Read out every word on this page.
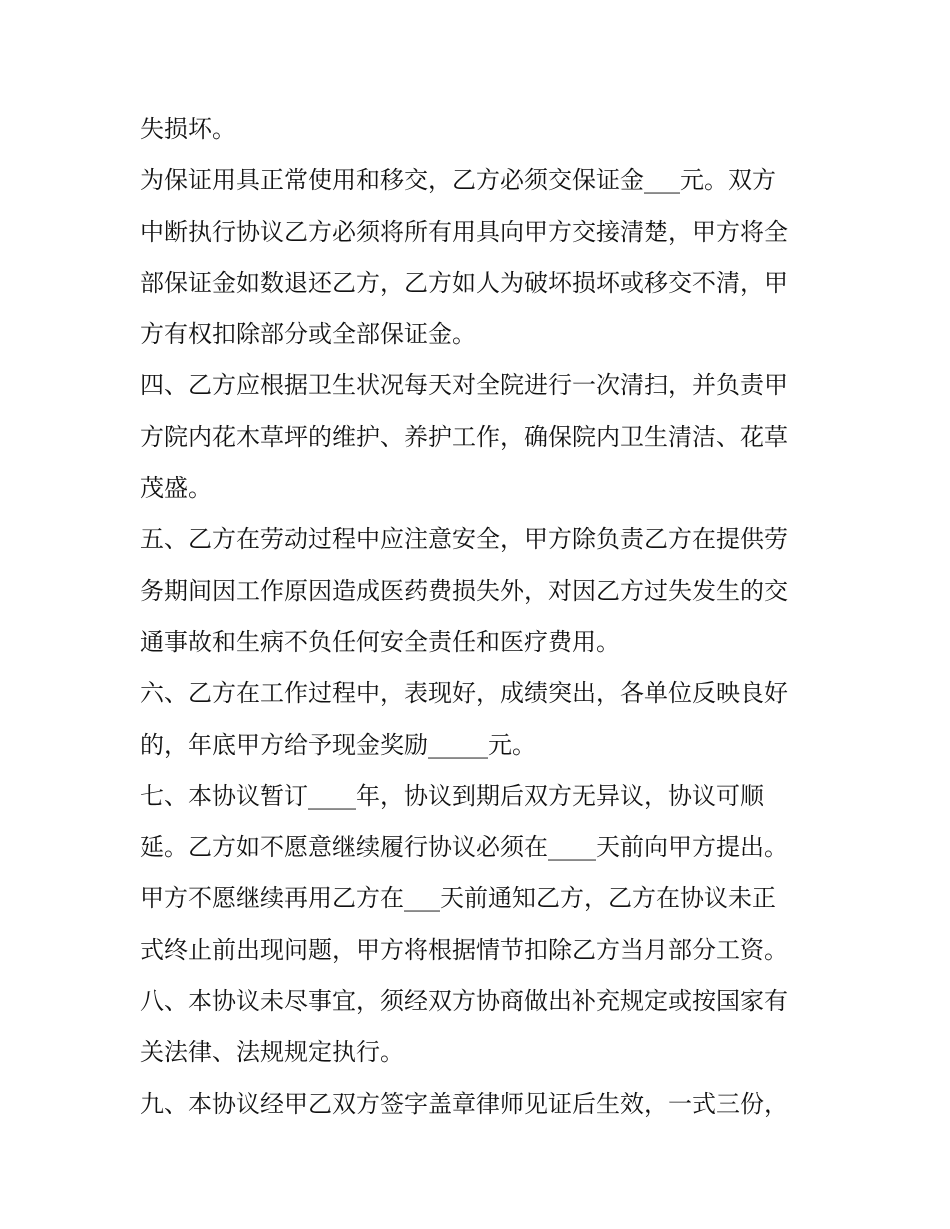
失损坏。
为保证用具正常使用和移交，乙方必须交保证金___元。双方
中断执行协议乙方必须将所有用具向甲方交接清楚，甲方将全
部保证金如数退还乙方，乙方如人为破坏损坏或移交不清，甲
方有权扣除部分或全部保证金。
四、乙方应根据卫生状况每天对全院进行一次清扫，并负责甲
方院内花木草坪的维护、养护工作，确保院内卫生清洁、花草
茂盛。
五、乙方在劳动过程中应注意安全，甲方除负责乙方在提供劳
务期间因工作原因造成医药费损失外，对因乙方过失发生的交
通事故和生病不负任何安全责任和医疗费用。
六、乙方在工作过程中，表现好，成绩突出，各单位反映良好
的，年底甲方给予现金奖励_____元。
七、本协议暂订____年，协议到期后双方无异议，协议可顺
延。乙方如不愿意继续履行协议必须在____天前向甲方提出。
甲方不愿继续再用乙方在___天前通知乙方，乙方在协议未正
式终止前出现问题，甲方将根据情节扣除乙方当月部分工资。
八、本协议未尽事宜，须经双方协商做出补充规定或按国家有
关法律、法规规定执行。
九、本协议经甲乙双方签字盖章律师见证后生效，一式三份，
